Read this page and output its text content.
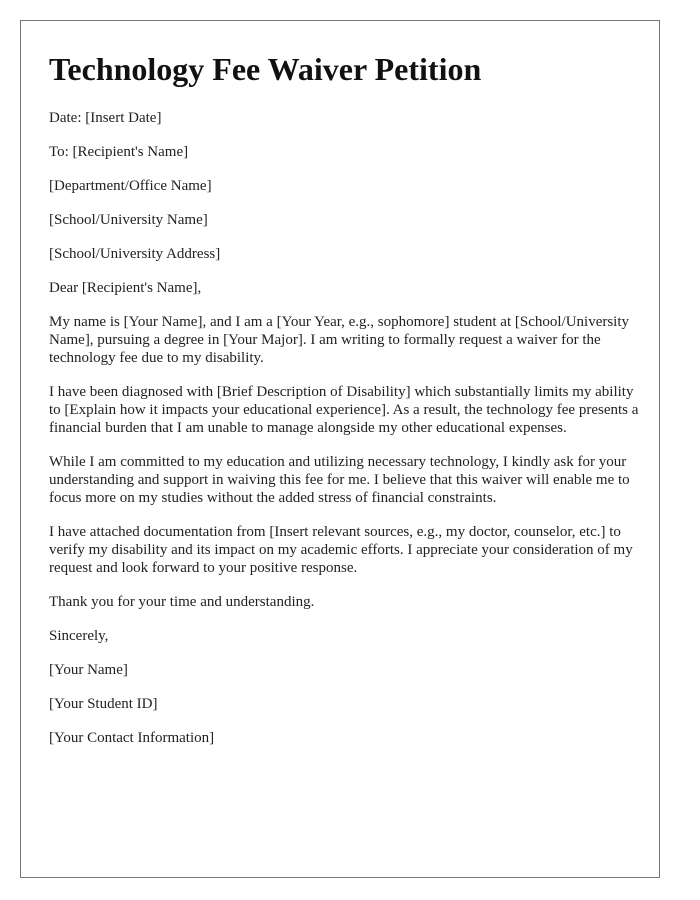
Technology Fee Waiver Petition

Date: [Insert Date]

To: [Recipient's Name]

[Department/Office Name]

[School/University Name]

[School/University Address]

Dear [Recipient's Name],

My name is [Your Name], and I am a [Your Year, e.g., sophomore] student at [School/University Name], pursuing a degree in [Your Major]. I am writing to formally request a waiver for the technology fee due to my disability.

I have been diagnosed with [Brief Description of Disability] which substantially limits my ability to [Explain how it impacts your educational experience]. As a result, the technology fee presents a financial burden that I am unable to manage alongside my other educational expenses.

While I am committed to my education and utilizing necessary technology, I kindly ask for your understanding and support in waiving this fee for me. I believe that this waiver will enable me to focus more on my studies without the added stress of financial constraints.

I have attached documentation from [Insert relevant sources, e.g., my doctor, counselor, etc.] to verify my disability and its impact on my academic efforts. I appreciate your consideration of my request and look forward to your positive response.

Thank you for your time and understanding.

Sincerely,

[Your Name]

[Your Student ID]

[Your Contact Information]
